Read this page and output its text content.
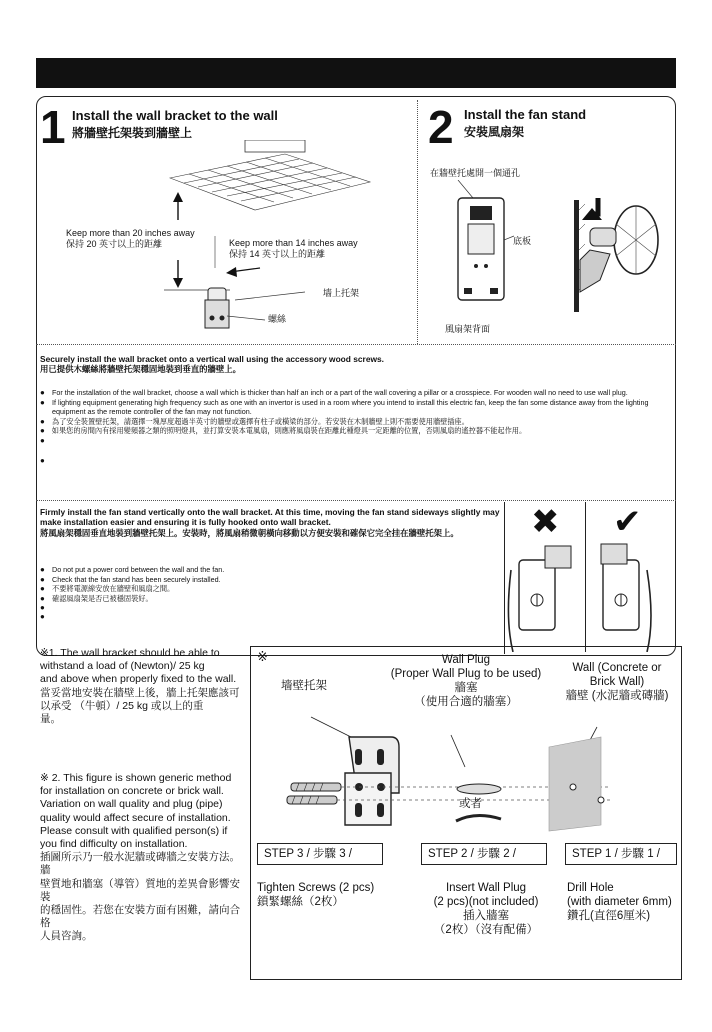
1 Install the wall bracket to the wall
將牆壁托架裝到牆壁上
Keep more than 20 inches away
保持 20 英寸以上的距離	Keep more than 14 inches away
保持 14 英寸以上的距離
墻上托架
螺絲
2 Install the fan stand
安裝風扇架
在牆壁托處開一個通孔
底板
風扇架背面
Securely install the wall bracket onto a vertical wall using the accessory wood screws.
用已提供木螺絲將牆壁托架穩固地裝到垂直的牆壁上。
● For the installation of the wall bracket, choose a wall which is thicker than half an inch or a part of the wall covering a pillar or a crosspiece. For wooden wall no need to use wall plug.
● If lighting equipment generating high frequency such as one with an invertor is used in a room where you intend to install this electric fan, keep the fan some distance away from the lighting equipment as the remote controller of the fan may not function.
● 為了安全裝置壁托架，請選擇一塊厚度超過半英寸的牆壁或選擇有柱子或橫梁的部分。若安裝在木制牆壁上則不需要使用牆壁插座。
● 如果您的房間內有採用變頻器之類的照明燈具，並打算安裝本電風扇，則應將風扇裝在距離此種燈具一定距離的位置，否則風扇的遙控器不能起作用。
●
●
Firmly install the fan stand vertically onto the wall bracket. At this time, moving the fan stand sideways slightly may make installation easier and ensuring it is fully hooked onto wall bracket.
將風扇架穩固垂直地裝到牆壁托架上。安裝時，將風扇稍微朝橫向移動以方便安裝和確保它完全挂在牆壁托架上。
● Do not put a power cord between the wall and the fan.
● Check that the fan stand has been securely installed.
● 不要將電源線安放在牆壁和風扇之間。
● 確認風扇架是否已被穩固裝好。
●
●
✖ ✔
※1. The wall bracket should be able to
withstand a load of (Newton)/ 25 kg
and above when properly fixed to the wall.
當妥當地安裝在牆壁上後，牆上托架應該可
以承受 （牛頓）/ 25 kg 或以上的重
量。
※ 2. This figure is shown generic method
for installation on concrete or brick wall.
Variation on wall quality and plug (pipe)
quality would affect secure of installation.
Please consult with qualified person(s) if
you find difficulty on installation.
插圖所示乃一般水泥牆或磚牆之安裝方法。牆
壁質地和牆塞（導管）質地的差異會影響安裝
的穩固性。若您在安裝方面有困難，請向合格
人員咨詢。
※
墻壁托架
Wall Plug
(Proper Wall Plug to be used)
牆塞
（使用合適的牆塞）
Wall (Concrete or
Brick Wall)
牆壁 (水泥牆或磚牆)
或者
STEP 3 / 步驟 3 /	STEP 2 / 步驟 2 /	STEP 1 / 步驟 1 /
Tighten Screws (2 pcs)
鎖緊螺絲（2枚）
Insert Wall Plug
(2 pcs)(not included)
插入牆塞
（2枚）（沒有配備）
Drill Hole
(with diameter 6mm)
鑽孔(直徑6厘米)
